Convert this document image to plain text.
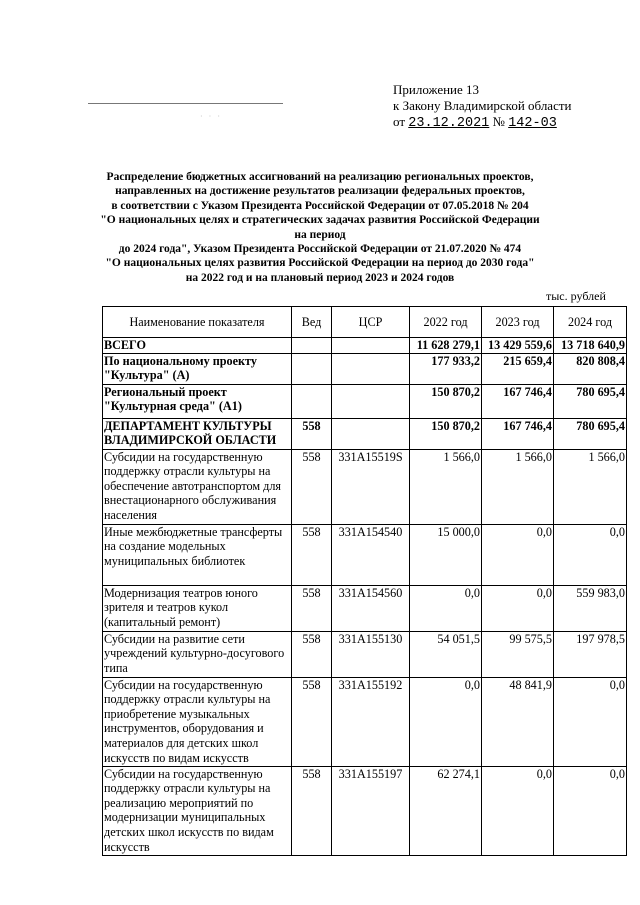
Приложение 13
к Закону Владимирской области
от 23.12.2021 № 142-03
· · ·
Распределение бюджетных ассигнований на реализацию региональных проектов,
направленных на достижение результатов реализации федеральных проектов,
в соответствии с Указом Президента Российской Федерации от 07.05.2018 № 204
"О национальных целях и стратегических задачах развития Российской Федерации на период
до 2024 года", Указом Президента Российской Федерации от 21.07.2020 № 474
"О национальных целях развития Российской Федерации на период до 2030 года"
на 2022 год и на плановый период 2023 и 2024 годов
тыс. рублей
Наименование показателя	Вед	ЦСР	2022 год	2023 год	2024 год
ВСЕГО			11 628 279,1	13 429 559,6	13 718 640,9
По национальному проекту "Культура" (А)			177 933,2	215 659,4	820 808,4
Региональный проект "Культурная среда" (А1)			150 870,2	167 746,4	780 695,4
ДЕПАРТАМЕНТ КУЛЬТУРЫ ВЛАДИМИРСКОЙ ОБЛАСТИ	558		150 870,2	167 746,4	780 695,4
Субсидии на государственную поддержку отрасли культуры на обеспечение автотранспортом для внестационарного обслуживания населения	558	331A15519S	1 566,0	1 566,0	1 566,0
Иные межбюджетные трансферты на создание модельных муниципальных библиотек	558	331A154540	15 000,0	0,0	0,0
Модернизация театров юного зрителя и театров кукол (капитальный ремонт)	558	331A154560	0,0	0,0	559 983,0
Субсидии на развитие сети учреждений культурно-досугового типа	558	331A155130	54 051,5	99 575,5	197 978,5
Субсидии на государственную поддержку отрасли культуры на приобретение музыкальных инструментов, оборудования и материалов для детских школ искусств по видам искусств	558	331A155192	0,0	48 841,9	0,0
Субсидии на государственную поддержку отрасли культуры на реализацию мероприятий по модернизации муниципальных детских школ искусств по видам искусств	558	331A155197	62 274,1	0,0	0,0
